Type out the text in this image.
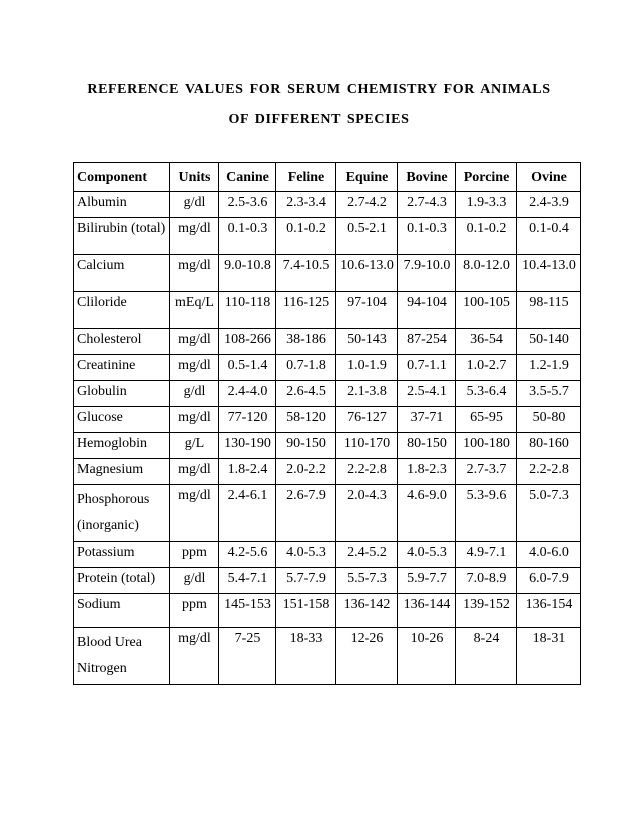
REFERENCE VALUES FOR SERUM CHEMISTRY FOR ANIMALS
OF DIFFERENT SPECIES
Component	Units	Canine	Feline	Equine	Bovine	Porcine	Ovine
Albumin	g/dl	2.5-3.6	2.3-3.4	2.7-4.2	2.7-4.3	1.9-3.3	2.4-3.9
Bilirubin (total)	mg/dl	0.1-0.3	0.1-0.2	0.5-2.1	0.1-0.3	0.1-0.2	0.1-0.4
Calcium	mg/dl	9.0-10.8	7.4-10.5	10.6-13.0	7.9-10.0	8.0-12.0	10.4-13.0
Cliloride	mEq/L	110-118	116-125	97-104	94-104	100-105	98-115
Cholesterol	mg/dl	108-266	38-186	50-143	87-254	36-54	50-140
Creatinine	mg/dl	0.5-1.4	0.7-1.8	1.0-1.9	0.7-1.1	1.0-2.7	1.2-1.9
Globulin	g/dl	2.4-4.0	2.6-4.5	2.1-3.8	2.5-4.1	5.3-6.4	3.5-5.7
Glucose	mg/dl	77-120	58-120	76-127	37-71	65-95	50-80
Hemoglobin	g/L	130-190	90-150	110-170	80-150	100-180	80-160
Magnesium	mg/dl	1.8-2.4	2.0-2.2	2.2-2.8	1.8-2.3	2.7-3.7	2.2-2.8
Phosphorous (inorganic)	mg/dl	2.4-6.1	2.6-7.9	2.0-4.3	4.6-9.0	5.3-9.6	5.0-7.3
Potassium	ppm	4.2-5.6	4.0-5.3	2.4-5.2	4.0-5.3	4.9-7.1	4.0-6.0
Protein (total)	g/dl	5.4-7.1	5.7-7.9	5.5-7.3	5.9-7.7	7.0-8.9	6.0-7.9
Sodium	ppm	145-153	151-158	136-142	136-144	139-152	136-154
Blood Urea Nitrogen	mg/dl	7-25	18-33	12-26	10-26	8-24	18-31
